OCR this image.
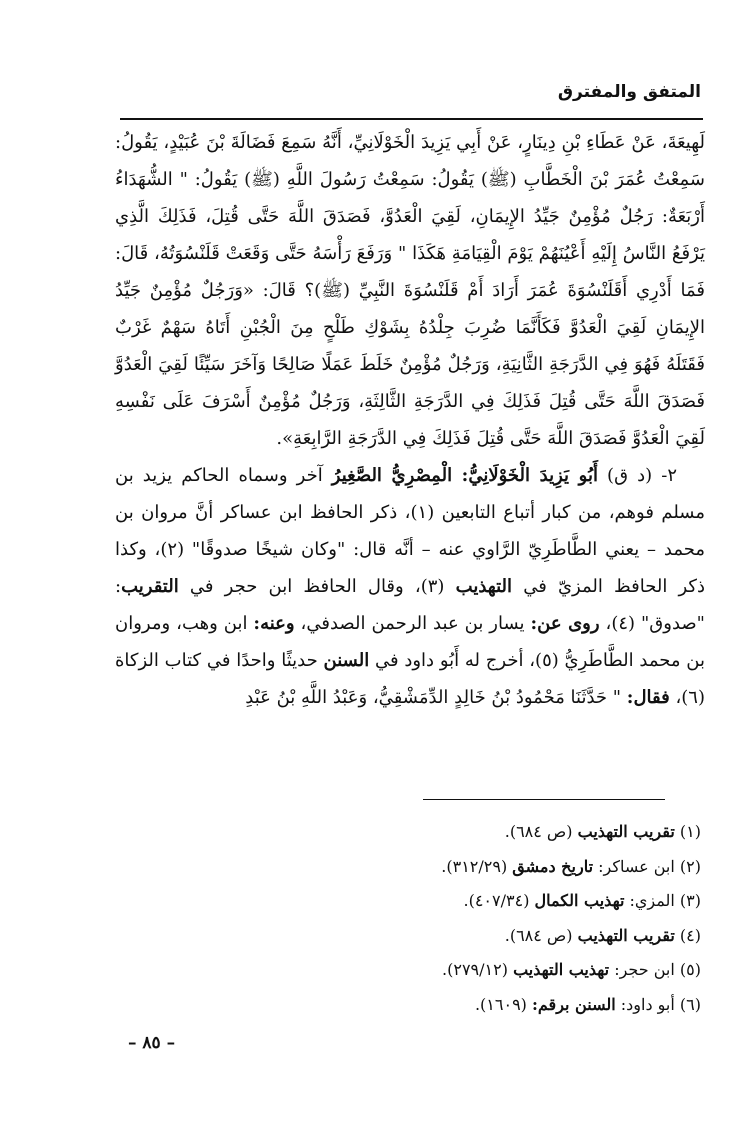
المتفق والمفترق

لَهِيعَةَ، عَنْ عَطَاءِ بْنِ دِينَارٍ، عَنْ أَبِي يَزِيدَ الْخَوْلَانِيِّ، أَنَّهُ سَمِعَ فَضَالَةَ بْنَ عُبَيْدٍ، يَقُولُ: سَمِعْتُ عُمَرَ بْنَ الْخَطَّابِ (ﷺ) يَقُولُ: سَمِعْتُ رَسُولَ اللَّهِ (ﷺ) يَقُولُ: " الشُّهَدَاءُ أَرْبَعَةٌ: رَجُلٌ مُؤْمِنٌ جَيِّدُ الإِيمَانِ، لَقِيَ الْعَدُوَّ، فَصَدَقَ اللَّهَ حَتَّى قُتِلَ، فَذَلِكَ الَّذِي يَرْفَعُ النَّاسُ إِلَيْهِ أَعْيُنَهُمْ يَوْمَ الْقِيَامَةِ هَكَذَا " وَرَفَعَ رَأْسَهُ حَتَّى وَقَعَتْ قَلَنْسُوَتُهُ، قَالَ: فَمَا أَدْرِي أَقَلَنْسُوَةَ عُمَرَ أَرَادَ أَمْ قَلَنْسُوَةَ النَّبِيِّ (ﷺ)؟ قَالَ: «وَرَجُلٌ مُؤْمِنٌ جَيِّدُ الإِيمَانِ لَقِيَ الْعَدُوَّ فَكَأَنَّمَا ضُرِبَ جِلْدُهُ بِشَوْكِ طَلْحٍ مِنَ الْجُبْنِ أَتَاهُ سَهْمٌ غَرْبٌ فَقَتَلَهُ فَهُوَ فِي الدَّرَجَةِ الثَّانِيَةِ، وَرَجُلٌ مُؤْمِنٌ خَلَطَ عَمَلًا صَالِحًا وَآخَرَ سَيِّئًا لَقِيَ الْعَدُوَّ فَصَدَقَ اللَّهَ حَتَّى قُتِلَ فَذَلِكَ فِي الدَّرَجَةِ الثَّالِثَةِ، وَرَجُلٌ مُؤْمِنٌ أَسْرَفَ عَلَى نَفْسِهِ لَقِيَ الْعَدُوَّ فَصَدَقَ اللَّهَ حَتَّى قُتِلَ فَذَلِكَ فِي الدَّرَجَةِ الرَّابِعَةِ».

٢- (د ق) أَبُو يَزِيدَ الْخَوْلَانِيُّ: الْمِصْرِيُّ الصَّغِيرُ آخر وسماه الحاكم يزيد بن مسلم فوهم، من كبار أتباع التابعين (١)، ذكر الحافظ ابن عساكر أنَّ مروان بن محمد – يعني الطَّاطَرِيّ الرَّاوي عنه – أنَّه قال: "وكان شيخًا صدوقًا" (٢)، وكذا ذكر الحافظ المزيّ في التهذيب (٣)، وقال الحافظ ابن حجر في التقريب: "صدوق" (٤)، روى عن: يسار بن عبد الرحمن الصدفي، وعنه: ابن وهب، ومروان بن محمد الطَّاطَرِيُّ (٥)، أخرج له أَبُو داود في السنن حديثًا واحدًا في كتاب الزكاة (٦)، فقال: " حَدَّثَنَا مَحْمُودُ بْنُ خَالِدٍ الدِّمَشْقِيُّ، وَعَبْدُ اللَّهِ بْنُ عَبْدِ

(١) تقريب التهذيب (ص ٦٨٤).
(٢) ابن عساكر: تاريخ دمشق (٣١٢/٢٩).
(٣) المزي: تهذيب الكمال (٤٠٧/٣٤).
(٤) تقريب التهذيب (ص ٦٨٤).
(٥) ابن حجر: تهذيب التهذيب (٢٧٩/١٢).
(٦) أبو داود: السنن برقم: (١٦٠٩).
– ٨٥ –
